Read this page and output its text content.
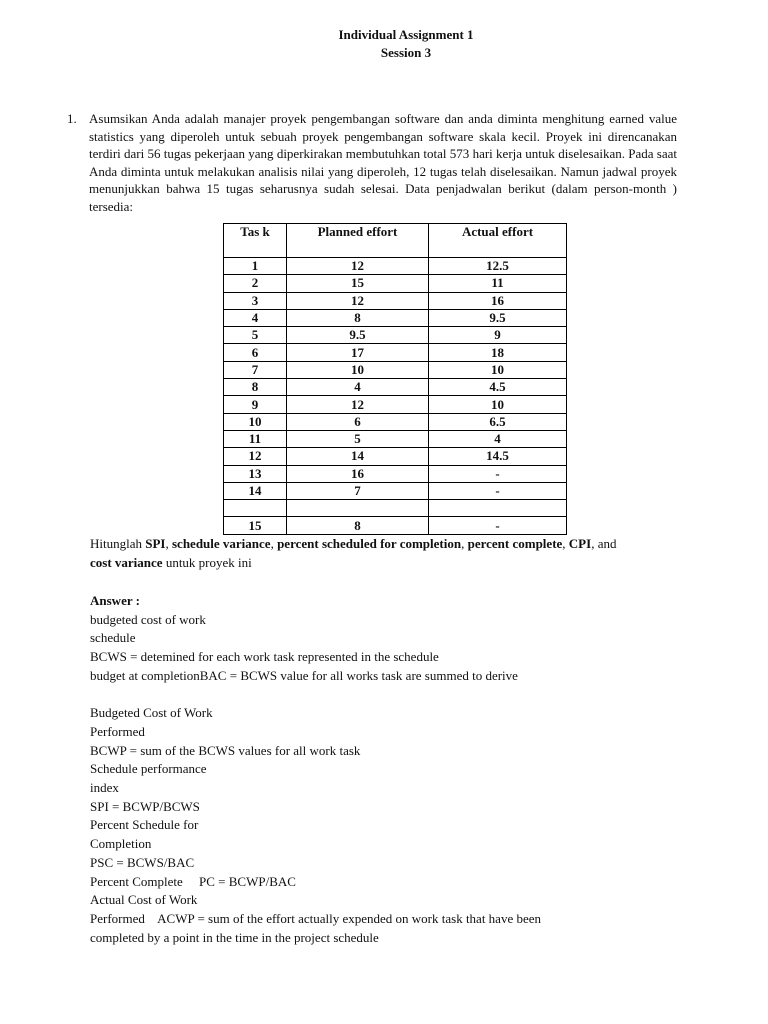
Individual Assignment 1
Session 3
1. Asumsikan Anda adalah manajer proyek pengembangan software dan anda diminta menghitung earned value statistics yang diperoleh untuk sebuah proyek pengembangan software skala kecil. Proyek ini direncanakan terdiri dari 56 tugas pekerjaan yang diperkirakan membutuhkan total 573 hari kerja untuk diselesaikan. Pada saat Anda diminta untuk melakukan analisis nilai yang diperoleh, 12 tugas telah diselesaikan. Namun jadwal proyek menunjukkan bahwa 15 tugas seharusnya sudah selesai. Data penjadwalan berikut (dalam person-month ) tersedia:
Tas k	Planned effort	Actual effort
1	12	12.5
2	15	11
3	12	16
4	8	9.5
5	9.5	9
6	17	18
7	10	10
8	4	4.5
9	12	10
10	6	6.5
11	5	4
12	14	14.5
13	16	-
14	7	-

15	8	-
Hitunglah SPI, schedule variance, percent scheduled for completion, percent complete, CPI, and
cost variance untuk proyek ini
Answer :
budgeted cost of work
schedule
BCWS = detemined for each work task represented in the schedule
budget at completionBAC = BCWS value for all works task are summed to derive
Budgeted Cost of Work
Performed
BCWP = sum of the BCWS values for all work task
Schedule performance
index
SPI = BCWP/BCWS
Percent Schedule for
Completion
PSC = BCWS/BAC
Percent Complete     PC = BCWP/BAC
Actual Cost of Work
Performed    ACWP = sum of the effort actually expended on work task that have been
completed by a point in the time in the project schedule
